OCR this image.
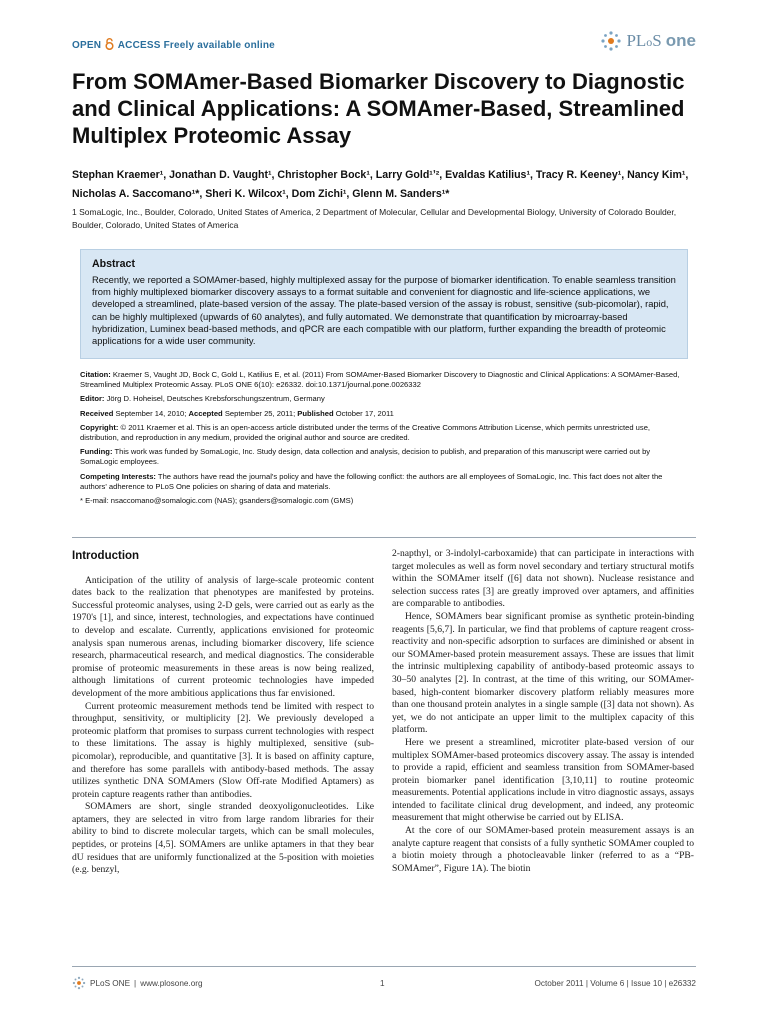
OPEN ACCESS Freely available online	PLoS one
From SOMAmer-Based Biomarker Discovery to Diagnostic and Clinical Applications: A SOMAmer-Based, Streamlined Multiplex Proteomic Assay
Stephan Kraemer¹, Jonathan D. Vaught¹, Christopher Bock¹, Larry Gold¹ʼ², Evaldas Katilius¹, Tracy R. Keeney¹, Nancy Kim¹, Nicholas A. Saccomano¹*, Sheri K. Wilcox¹, Dom Zichi¹, Glenn M. Sanders¹*
1 SomaLogic, Inc., Boulder, Colorado, United States of America, 2 Department of Molecular, Cellular and Developmental Biology, University of Colorado Boulder, Boulder, Colorado, United States of America
Abstract

Recently, we reported a SOMAmer-based, highly multiplexed assay for the purpose of biomarker identification. To enable seamless transition from highly multiplexed biomarker discovery assays to a format suitable and convenient for diagnostic and life-science applications, we developed a streamlined, plate-based version of the assay. The plate-based version of the assay is robust, sensitive (sub-picomolar), rapid, can be highly multiplexed (upwards of 60 analytes), and fully automated. We demonstrate that quantification by microarray-based hybridization, Luminex bead-based methods, and qPCR are each compatible with our platform, further expanding the breadth of proteomic applications for a wide user community.

Citation: Kraemer S, Vaught JD, Bock C, Gold L, Katilius E, et al. (2011) From SOMAmer-Based Biomarker Discovery to Diagnostic and Clinical Applications: A SOMAmer-Based, Streamlined Multiplex Proteomic Assay. PLoS ONE 6(10): e26332. doi:10.1371/journal.pone.0026332

Editor: Jörg D. Hoheisel, Deutsches Krebsforschungszentrum, Germany

Received September 14, 2010; Accepted September 25, 2011; Published October 17, 2011

Copyright: © 2011 Kraemer et al. This is an open-access article distributed under the terms of the Creative Commons Attribution License, which permits unrestricted use, distribution, and reproduction in any medium, provided the original author and source are credited.

Funding: This work was funded by SomaLogic, Inc. Study design, data collection and analysis, decision to publish, and preparation of this manuscript were carried out by SomaLogic employees.

Competing Interests: The authors have read the journal's policy and have the following conflict: the authors are all employees of SomaLogic, Inc. This fact does not alter the authors' adherence to PLoS One policies on sharing of data and materials.

* E-mail: nsaccomano@somalogic.com (NAS); gsanders@somalogic.com (GMS)

Introduction

Anticipation of the utility of analysis of large-scale proteomic content dates back to the realization that phenotypes are manifested by proteins. Successful proteomic analyses, using 2-D gels, were carried out as early as the 1970's [1], and since, interest, technologies, and expectations have continued to develop and escalate. Currently, applications envisioned for proteomic analysis span numerous arenas, including biomarker discovery, life science research, pharmaceutical research, and medical diagnostics. The considerable promise of proteomic measurements in these areas is now being realized, although limitations of current proteomic technologies have impeded development of the more ambitious applications thus far envisioned.

Current proteomic measurement methods tend be limited with respect to throughput, sensitivity, or multiplicity [2]. We previously developed a proteomic platform that promises to surpass current technologies with respect to these limitations. The assay is highly multiplexed, sensitive (sub-picomolar), reproducible, and quantitative [3]. It is based on affinity capture, and therefore has some parallels with antibody-based methods. The assay utilizes synthetic DNA SOMAmers (Slow Off-rate Modified Aptamers) as protein capture reagents rather than antibodies.

SOMAmers are short, single stranded deoxyoligonucleotides. Like aptamers, they are selected in vitro from large random libraries for their ability to bind to discrete molecular targets, which can be small molecules, peptides, or proteins [4,5]. SOMAmers are unlike aptamers in that they bear dU residues that are uniformly functionalized at the 5-position with moieties (e.g. benzyl,

2-napthyl, or 3-indolyl-carboxamide) that can participate in interactions with target molecules as well as form novel secondary and tertiary structural motifs within the SOMAmer itself ([6] data not shown). Nuclease resistance and selection success rates [3] are greatly improved over aptamers, and affinities are comparable to antibodies.

Hence, SOMAmers bear significant promise as synthetic protein-binding reagents [5,6,7]. In particular, we find that problems of capture reagent cross-reactivity and non-specific adsorption to surfaces are diminished or absent in our SOMAmer-based protein measurement assays. These are issues that limit the intrinsic multiplexing capability of antibody-based proteomic assays to 30–50 analytes [2]. In contrast, at the time of this writing, our SOMAmer-based, high-content biomarker discovery platform reliably measures more than one thousand protein analytes in a single sample ([3] data not shown). As yet, we do not anticipate an upper limit to the multiplex capacity of this platform.

Here we present a streamlined, microtiter plate-based version of our multiplex SOMAmer-based proteomics discovery assay. The assay is intended to provide a rapid, efficient and seamless transition from SOMAmer-based protein biomarker panel identification [3,10,11] to routine proteomic measurements. Potential applications include in vitro diagnostic assays, assays intended to facilitate clinical drug development, and indeed, any proteomic measurement that might otherwise be carried out by ELISA.

At the core of our SOMAmer-based protein measurement assays is an analyte capture reagent that consists of a fully synthetic SOMAmer coupled to a biotin moiety through a photocleavable linker (referred to as a “PB-SOMAmer”, Figure 1A). The biotin

PLoS ONE | www.plosone.org	1	October 2011 | Volume 6 | Issue 10 | e26332
